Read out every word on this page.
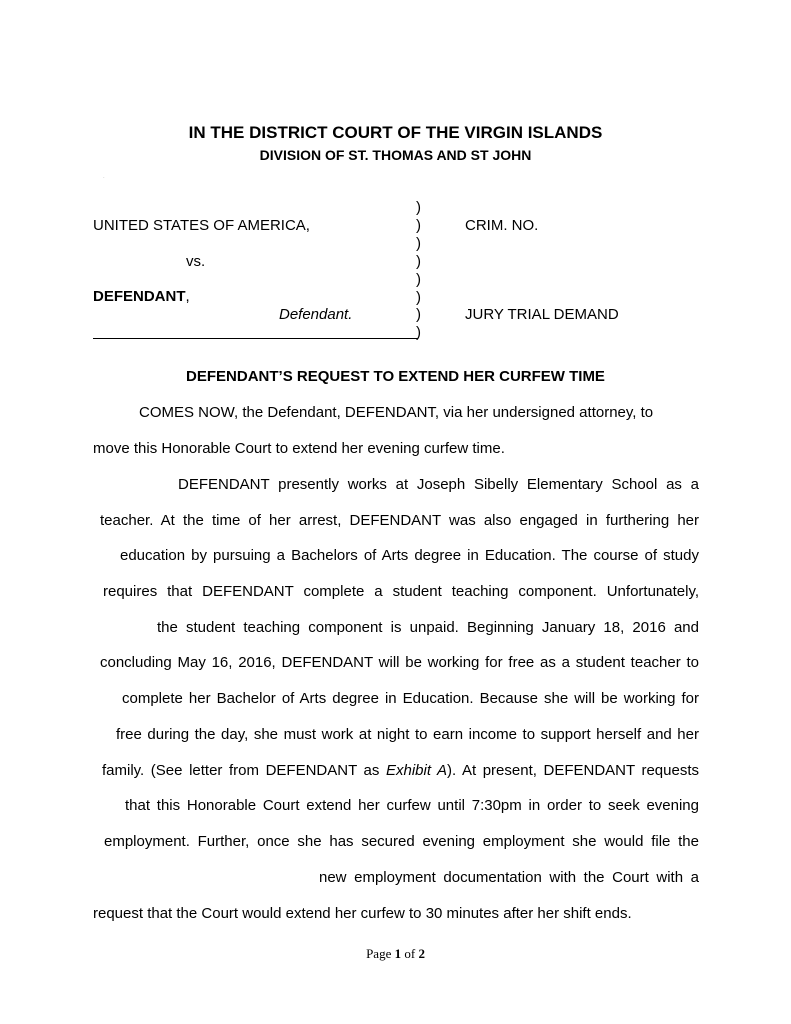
IN THE DISTRICT COURT OF THE VIRGIN ISLANDS
DIVISION OF ST. THOMAS AND ST JOHN
.
)
)
)
)
)
)
)
)
UNITED STATES OF AMERICA,
vs.
DEFENDANT,
Defendant.
CRIM. NO.
JURY TRIAL DEMAND
DEFENDANT’S REQUEST TO EXTEND HER CURFEW TIME
COMES NOW, the Defendant, DEFENDANT, via her undersigned attorney, to
move this Honorable Court to extend her evening curfew time.
DEFENDANT presently works at Joseph Sibelly Elementary School as a
teacher. At the time of her arrest, DEFENDANT was also engaged in furthering her
education by pursuing a Bachelors of Arts degree in Education. The course of study
requires that DEFENDANT complete a student teaching component. Unfortunately,
the student teaching component is unpaid. Beginning January 18, 2016 and
concluding May 16, 2016, DEFENDANT will be working for free as a student teacher to
complete her Bachelor of Arts degree in Education. Because she will be working for
free during the day, she must work at night to earn income to support herself and her
family. (See letter from DEFENDANT as Exhibit A). At present, DEFENDANT requests
that this Honorable Court extend her curfew until 7:30pm in order to seek evening
employment. Further, once she has secured evening employment she would file the
new employment documentation with the Court with a
request that the Court would extend her curfew to 30 minutes after her shift ends.
Page 1 of 2
